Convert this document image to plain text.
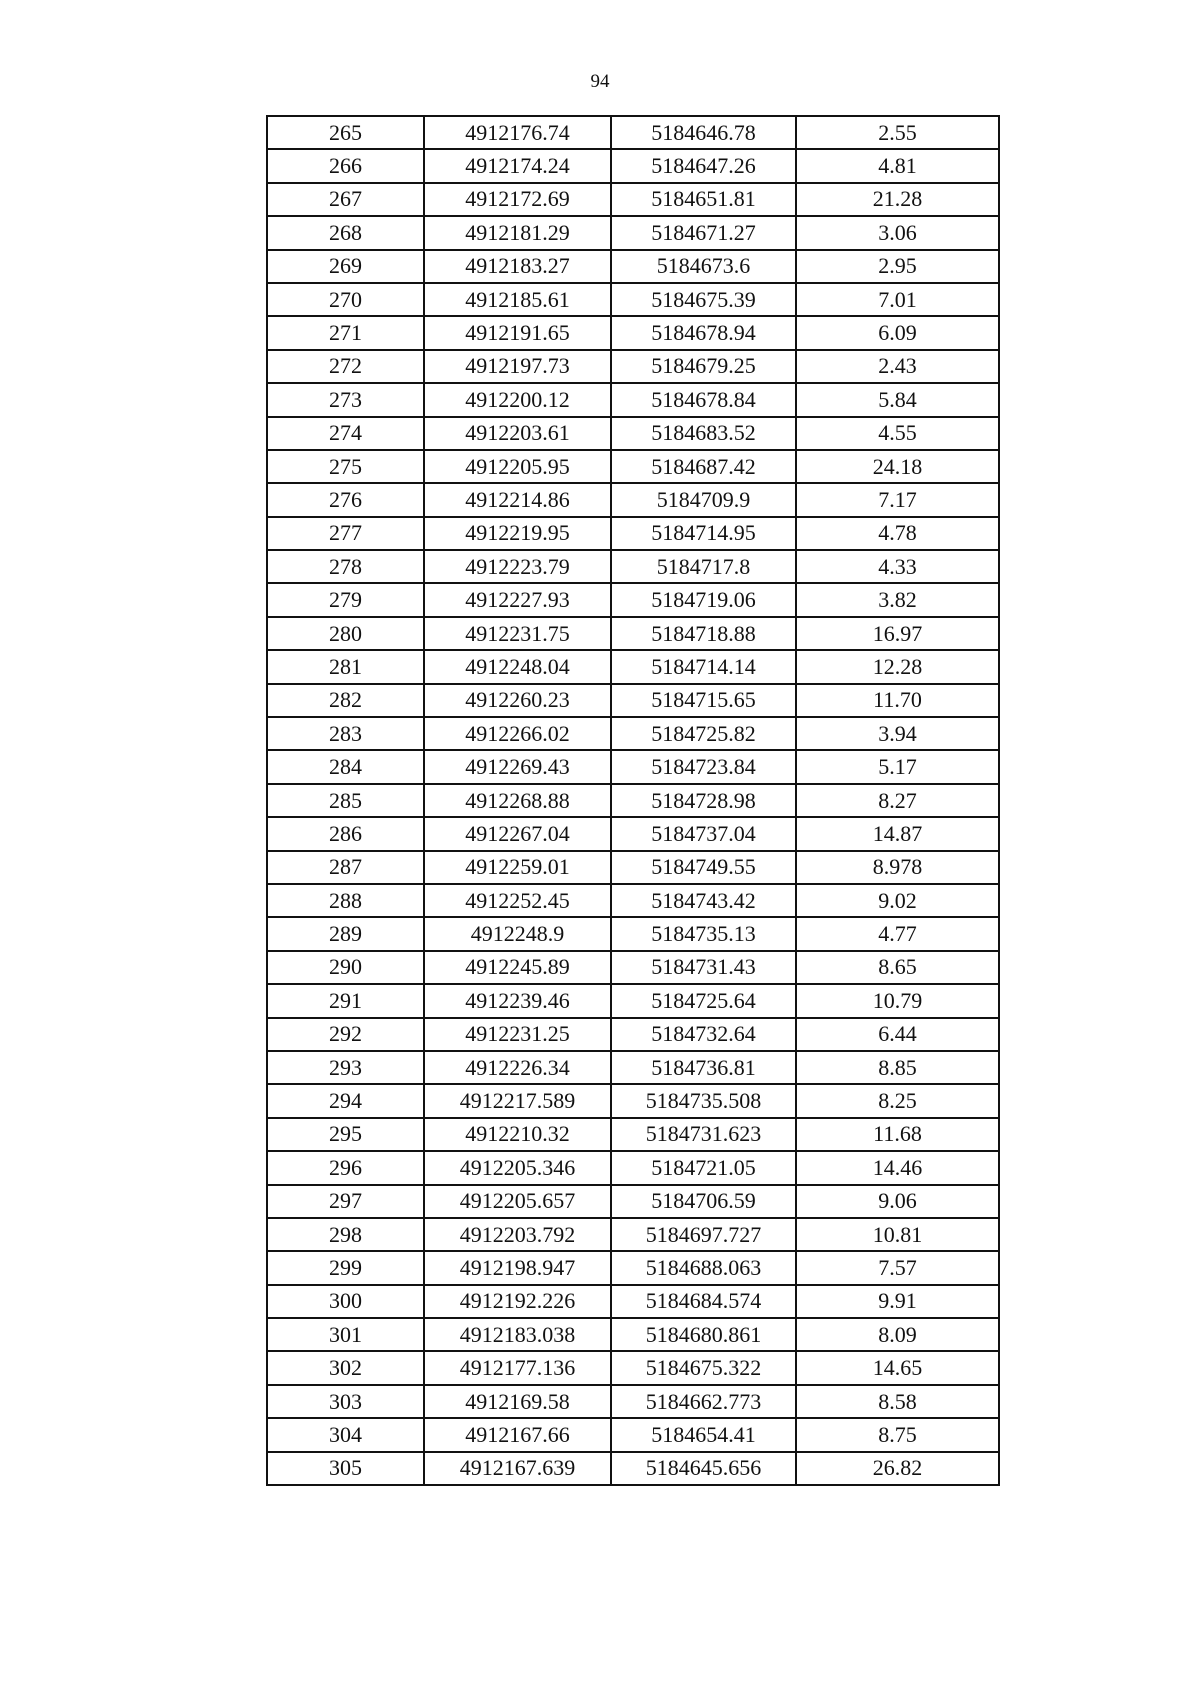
94
265	4912176.74	5184646.78	2.55
266	4912174.24	5184647.26	4.81
267	4912172.69	5184651.81	21.28
268	4912181.29	5184671.27	3.06
269	4912183.27	5184673.6	2.95
270	4912185.61	5184675.39	7.01
271	4912191.65	5184678.94	6.09
272	4912197.73	5184679.25	2.43
273	4912200.12	5184678.84	5.84
274	4912203.61	5184683.52	4.55
275	4912205.95	5184687.42	24.18
276	4912214.86	5184709.9	7.17
277	4912219.95	5184714.95	4.78
278	4912223.79	5184717.8	4.33
279	4912227.93	5184719.06	3.82
280	4912231.75	5184718.88	16.97
281	4912248.04	5184714.14	12.28
282	4912260.23	5184715.65	11.70
283	4912266.02	5184725.82	3.94
284	4912269.43	5184723.84	5.17
285	4912268.88	5184728.98	8.27
286	4912267.04	5184737.04	14.87
287	4912259.01	5184749.55	8.978
288	4912252.45	5184743.42	9.02
289	4912248.9	5184735.13	4.77
290	4912245.89	5184731.43	8.65
291	4912239.46	5184725.64	10.79
292	4912231.25	5184732.64	6.44
293	4912226.34	5184736.81	8.85
294	4912217.589	5184735.508	8.25
295	4912210.32	5184731.623	11.68
296	4912205.346	5184721.05	14.46
297	4912205.657	5184706.59	9.06
298	4912203.792	5184697.727	10.81
299	4912198.947	5184688.063	7.57
300	4912192.226	5184684.574	9.91
301	4912183.038	5184680.861	8.09
302	4912177.136	5184675.322	14.65
303	4912169.58	5184662.773	8.58
304	4912167.66	5184654.41	8.75
305	4912167.639	5184645.656	26.82
